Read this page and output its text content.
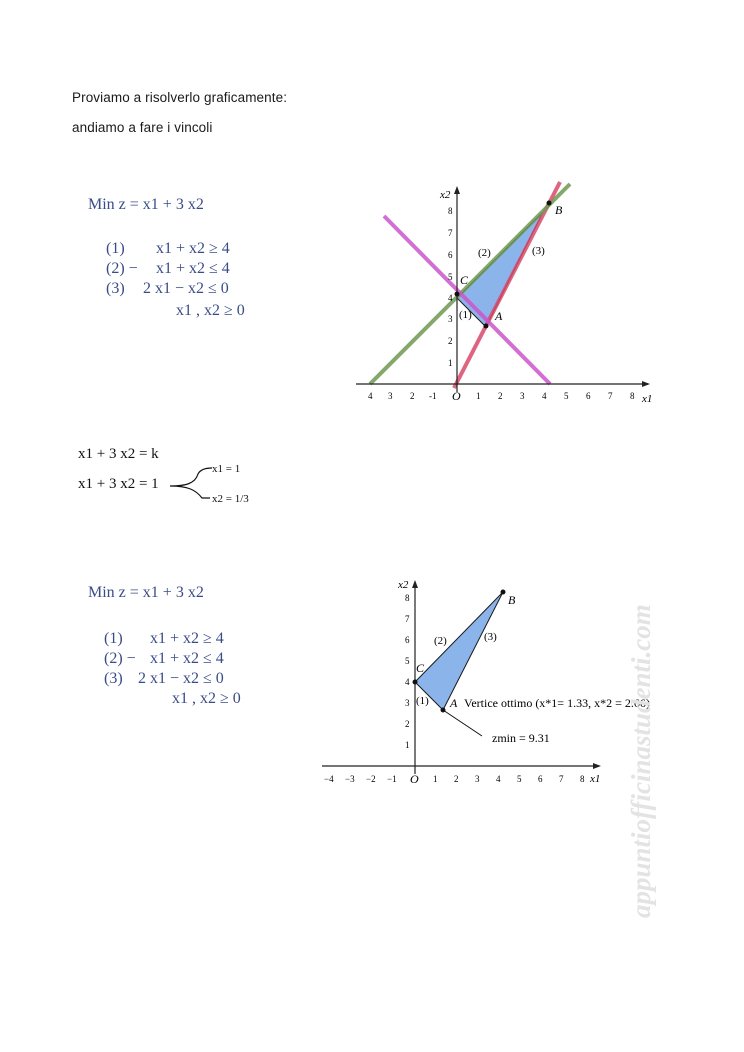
Proviamo a risolverlo graficamente:
andiamo a fare i vincoli
Min z = x1 + 3 x2
(1) x1 + x2 ≥ 4
(2) − x1 + x2 ≤ 4
(3) 2 x1 − x2 ≤ 0
x1 , x2 ≥ 0
B
A
C
(1)
(2)	(3)
x2
x1
O
4 3 2 -1	1 2 3 4 5 6 7 8
1
2
3
4
5
6
7
8
x1 + 3 x2 = k
x1 + 3 x2 = 1
x1 = 1
x2 = 1/3
Min z = x1 + 3 x2
(1) x1 + x2 ≥ 4
(2) − x1 + x2 ≤ 4
(3) 2 x1 − x2 ≤ 0
x1 , x2 ≥ 0
B
A
C
(1)
(2)	(3)
Vertice ottimo (x*1= 1.33, x*2 = 2.66)
zmin = 9.31
x2
x1
O
−4 −3 −2 −1	1 2 3 4 5 6 7 8
1
2
3
4
5
6
7
8
appuntiofficinastudenti.com
